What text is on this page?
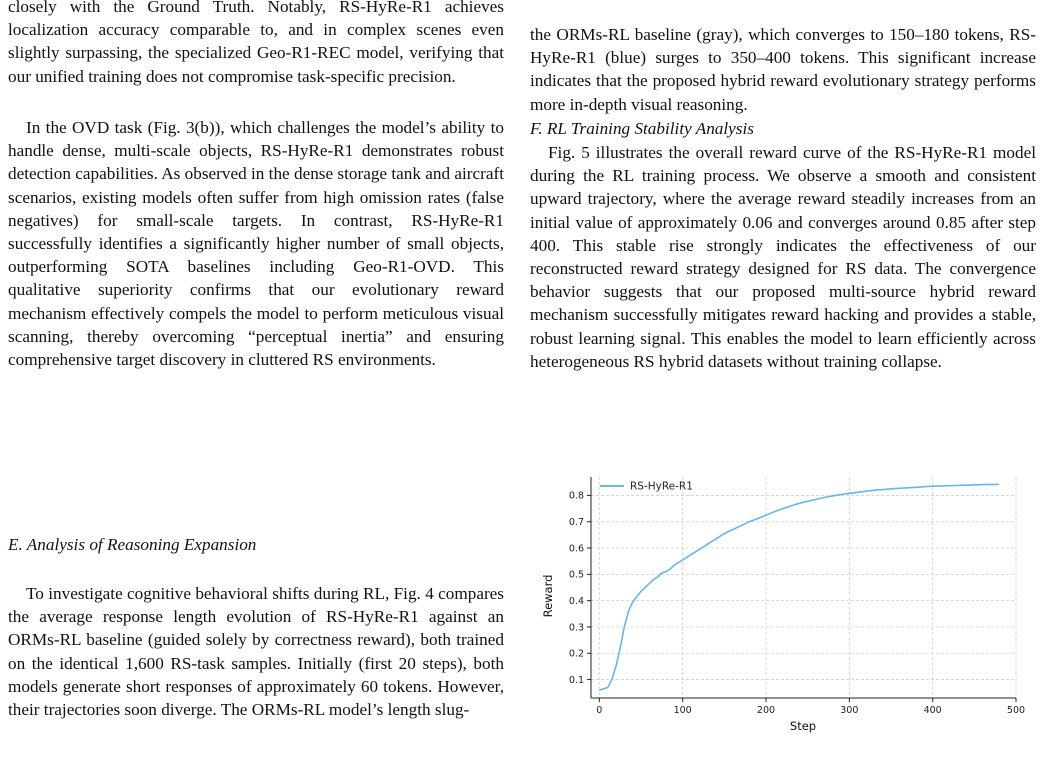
closely with the Ground Truth. Notably, RS-HyRe-R1 achieves localization accuracy comparable to, and in complex scenes even slightly surpassing, the specialized Geo-R1-REC model, verifying that our unified training does not compromise task-specific precision.

In the OVD task (Fig. 3(b)), which challenges the model’s ability to handle dense, multi-scale objects, RS-HyRe-R1 demonstrates robust detection capabilities. As observed in the dense storage tank and aircraft scenarios, existing models often suffer from high omission rates (false negatives) for small-scale targets. In contrast, RS-HyRe-R1 successfully identifies a significantly higher number of small objects, outperforming SOTA baselines including Geo-R1-OVD. This qualitative superiority confirms that our evolutionary reward mechanism effectively compels the model to perform meticulous visual scanning, thereby overcoming “perceptual inertia” and ensuring comprehensive target discovery in cluttered RS environments.

E. Analysis of Reasoning Expansion

To investigate cognitive behavioral shifts during RL, Fig. 4 compares the average response length evolution of RS-HyRe-R1 against an ORMs-RL baseline (guided solely by correctness reward), both trained on the identical 1,600 RS-task samples. Initially (first 20 steps), both models generate short responses of approximately 60 tokens. However, their trajectories soon diverge. The ORMs-RL model’s length slug-

the ORMs-RL baseline (gray), which converges to 150–180 tokens, RS-HyRe-R1 (blue) surges to 350–400 tokens. This significant increase indicates that the proposed hybrid reward evolutionary strategy performs more in-depth visual reasoning.

F. RL Training Stability Analysis

Fig. 5 illustrates the overall reward curve of the RS-HyRe-R1 model during the RL training process. We observe a smooth and consistent upward trajectory, where the average reward steadily increases from an initial value of approximately 0.06 and converges around 0.85 after step 400. This stable rise strongly indicates the effectiveness of our reconstructed reward strategy designed for RS data. The convergence behavior suggests that our proposed multi-source hybrid reward mechanism successfully mitigates reward hacking and provides a stable, robust learning signal. This enables the model to learn efficiently across heterogeneous RS hybrid datasets without training collapse.

0	100	200	300	400	500
0.1
0.2
0.3
0.4
0.5
0.6
0.7
0.8
RS-HyRe-R1
Step
Reward
